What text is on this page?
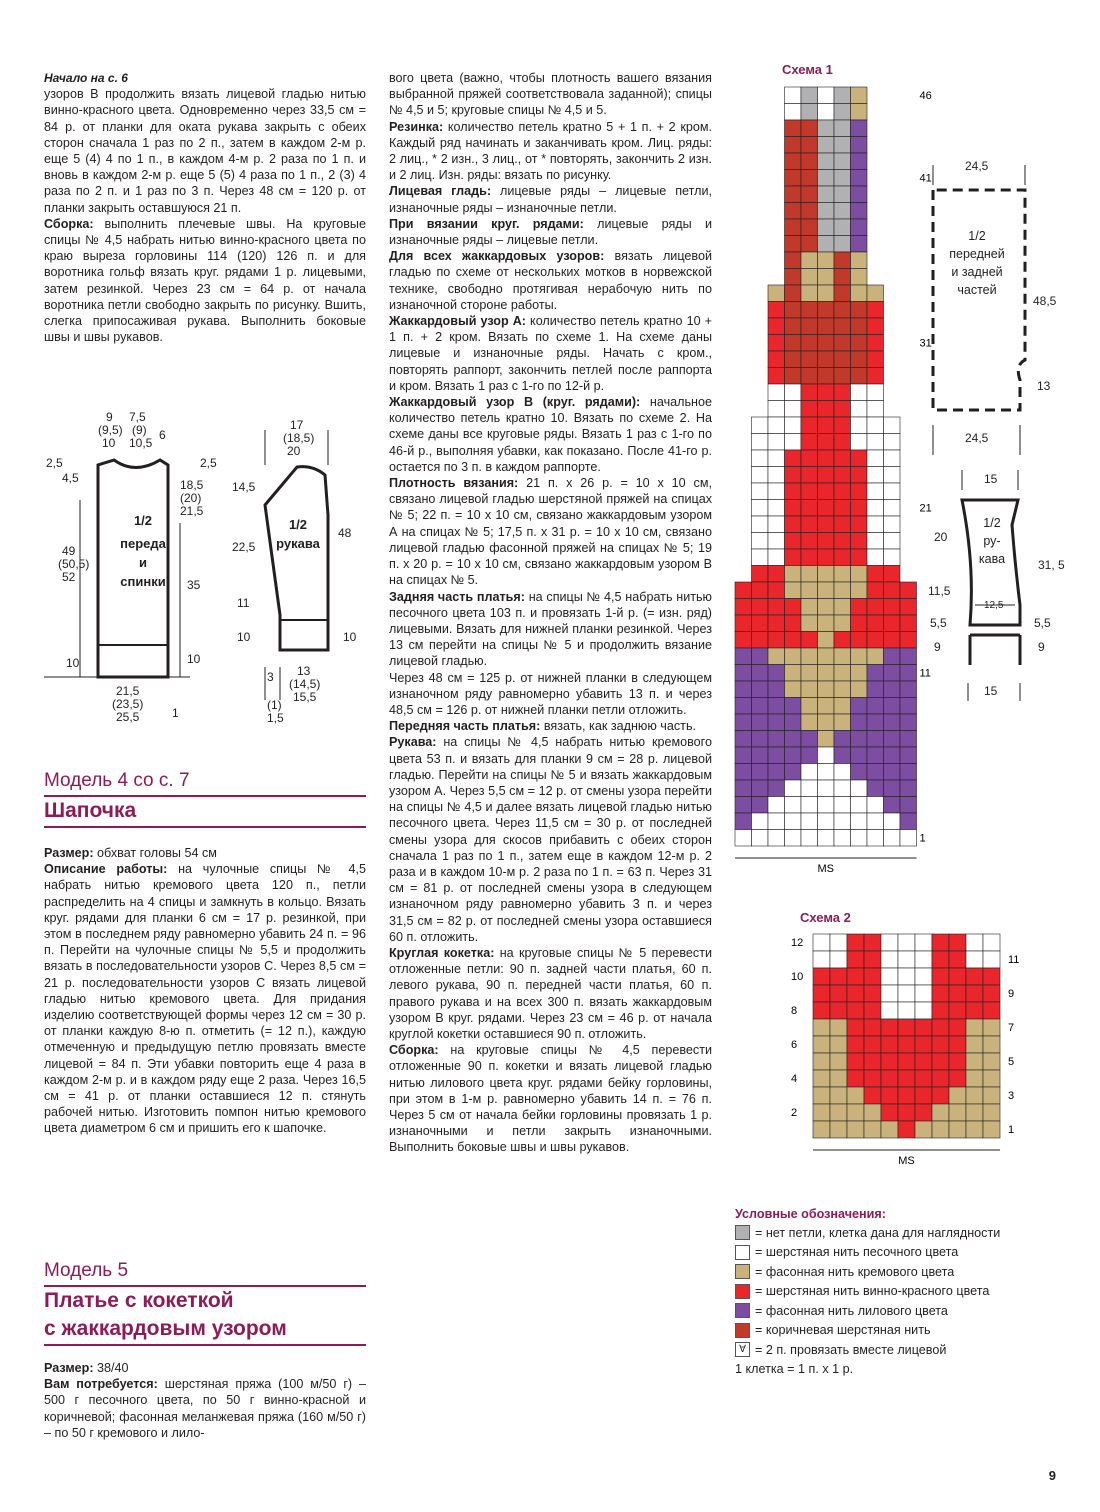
Начало на с. 6

узоров В продолжить вязать лицевой гладью нитью винно-красного цвета. Одновременно через 33,5 см = 84 р. от планки для оката рукава закрыть с обеих сторон сначала 1 раз по 2 п., затем в каждом 2-м р. еще 5 (4) 4 по 1 п., в каждом 4-м р. 2 раза по 1 п. и вновь в каждом 2-м р. еще 5 (5) 4 раза по 1 п., 2 (3) 4 раза по 2 п. и 1 раз по 3 п. Через 48 см = 120 р. от планки закрыть оставшуюся 21 п.

Сборка: выполнить плечевые швы. На круговые спицы № 4,5 набрать нитью винно-красного цвета по краю выреза горловины 114 (120) 126 п. и для воротника гольф вязать круг. рядами 1 р. лицевыми, затем резинкой. Через 23 см = 64 р. от начала воротника петли свободно закрыть по рисунку. Вшить, слегка припосаживая рукава. Выполнить боковые швы и швы рукавов.

9
(9,5)
10
7,5
(9)
10,5
6
2,5
4,5
2,5
18,5
(20)
21,5
49
(50,5)
52
35
10	10
21,5
(23,5)
25,5	1
1/2
переда
и
спинки
17
(18,5)
20
14,5
22,5
11
10
48
10
3 13
(14,5)
15,5
(1)
1,5
1/2
рукава

Модель 4 со с. 7

Шапочка

Размер: обхват головы 54 см

Описание работы: на чулочные спицы № 4,5 набрать нитью кремового цвета 120 п., петли распределить на 4 спицы и замкнуть в кольцо. Вязать круг. рядами для планки 6 см = 17 р. резинкой, при этом в последнем ряду равномерно убавить 24 п. = 96 п. Перейти на чулочные спицы № 5,5 и продолжить вязать в последовательности узоров С. Через 8,5 см = 21 р. последовательности узоров С вязать лицевой гладью нитью кремового цвета. Для придания изделию соответствующей формы через 12 см = 30 р. от планки каждую 8-ю п. отметить (= 12 п.), каждую отмеченную и предыдущую петлю провязать вместе лицевой = 84 п. Эти убавки повторить еще 4 раза в каждом 2-м р. и в каждом ряду еще 2 раза. Через 16,5 см = 41 р. от планки оставшиеся 12 п. стянуть рабочей нитью. Изготовить помпон нитью кремового цвета диаметром 6 см и пришить его к шапочке.

Модель 5

Платье с кокеткой

с жаккардовым узором

Размер: 38/40

Вам потребуется: шерстяная пряжа (100 м/50 г) – 500 г песочного цвета, по 50 г винно-красной и коричневой; фасонная меланжевая пряжа (160 м/50 г) – по 50 г кремового и лило-

вого цвета (важно, чтобы плотность вашего вязания выбранной пряжей соответствовала заданной); спицы № 4,5 и 5; круговые спицы № 4,5 и 5.

Резинка: количество петель кратно 5 + 1 п. + 2 кром. Каждый ряд начинать и заканчивать кром. Лиц. ряды: 2 лиц., * 2 изн., 3 лиц., от * повторять, закончить 2 изн. и 2 лиц. Изн. ряды: вязать по рисунку.

Лицевая гладь: лицевые ряды – лицевые петли, изнаночные ряды – изнаночные петли.

При вязании круг. рядами: лицевые ряды и изнаночные ряды – лицевые петли.

Для всех жаккардовых узоров: вязать лицевой гладью по схеме от нескольких мотков в норвежской технике, свободно протягивая нерабочую нить по изнаночной стороне работы.

Жаккардовый узор А: количество петель кратно 10 + 1 п. + 2 кром. Вязать по схеме 1. На схеме даны лицевые и изнаночные ряды. Начать с кром., повторять раппорт, закончить петлей после раппорта и кром. Вязать 1 раз с 1-го по 12-й р.

Жаккардовый узор В (круг. рядами): начальное количество петель кратно 10. Вязать по схеме 2. На схеме даны все круговые ряды. Вязать 1 раз с 1-го по 46-й р., выполняя убавки, как показано. После 41-го р. остается по 3 п. в каждом раппорте.

Плотность вязания: 21 п. х 26 р. = 10 х 10 см, связано лицевой гладью шерстяной пряжей на спицах № 5; 22 п. = 10 х 10 см, связано жаккардовым узором А на спицах № 5; 17,5 п. х 31 р. = 10 х 10 см, связано лицевой гладью фасонной пряжей на спицах № 5; 19 п. х 20 р. = 10 х 10 см, связано жаккардовым узором В на спицах № 5.

Задняя часть платья: на спицы № 4,5 набрать нитью песочного цвета 103 п. и провязать 1-й р. (= изн. ряд) лицевыми. Вязать для нижней планки резинкой. Через 13 см перейти на спицы № 5 и продолжить вязание лицевой гладью.

Через 48 см = 125 р. от нижней планки в следующем изнаночном ряду равномерно убавить 13 п. и через 48,5 см = 126 р. от нижней планки петли отложить.

Передняя часть платья: вязать, как заднюю часть.

Рукава: на спицы № 4,5 набрать нитью кремового цвета 53 п. и вязать для планки 9 см = 28 р. лицевой гладью. Перейти на спицы № 5 и вязать жаккардовым узором А. Через 5,5 см = 12 р. от смены узора перейти на спицы № 4,5 и далее вязать лицевой гладью нитью песочного цвета. Через 11,5 см = 30 р. от последней смены узора для скосов прибавить с обеих сторон сначала 1 раз по 1 п., затем еще в каждом 12-м р. 2 раза и в каждом 10-м р. 2 раза по 1 п. = 63 п. Через 31 см = 81 р. от последней смены узора в следующем изнаночном ряду равномерно убавить 3 п. и через 31,5 см = 82 р. от последней смены узора оставшиеся 60 п. отложить.

Круглая кокетка: на круговые спицы № 5 перевести отложенные петли: 90 п. задней части платья, 60 п. левого рукава, 90 п. передней части платья, 60 п. правого рукава и на всех 300 п. вязать жаккардовым узором В круг. рядами. Через 23 см = 46 р. от начала круглой кокетки оставшиеся 90 п. отложить.

Сборка: на круговые спицы № 4,5 перевести отложенные 90 п. кокетки и вязать лицевой гладью нитью лилового цвета круг. рядами бейку горловины, при этом в 1-м р. равномерно убавить 14 п. = 76 п. Через 5 см от начала бейки горловины провязать 1 р. изнаночными и петли закрыть изнаночными. Выполнить боковые швы и швы рукавов.

Схема 1
46
41
31
21
11
1
MS
Схема 2
12
10
8
6
4
2
11
9
7
5
3
1
MS
24,5
48,5
13
24,5
1/2
передней
и задней
частей
15
20
31, 5
11,5
12,5
5,5
9
5,5
9
15
1/2
ру-
кава
Условные обозначения:
= нет петли, клетка дана для наглядности
= шерстяная нить песочного цвета
= фасонная нить кремового цвета
= шерстяная нить винно-красного цвета
= фасонная нить лилового цвета
= коричневая шерстяная нить
∀ = 2 п. провязать вместе лицевой
1 клетка = 1 п. х 1 р.
9
